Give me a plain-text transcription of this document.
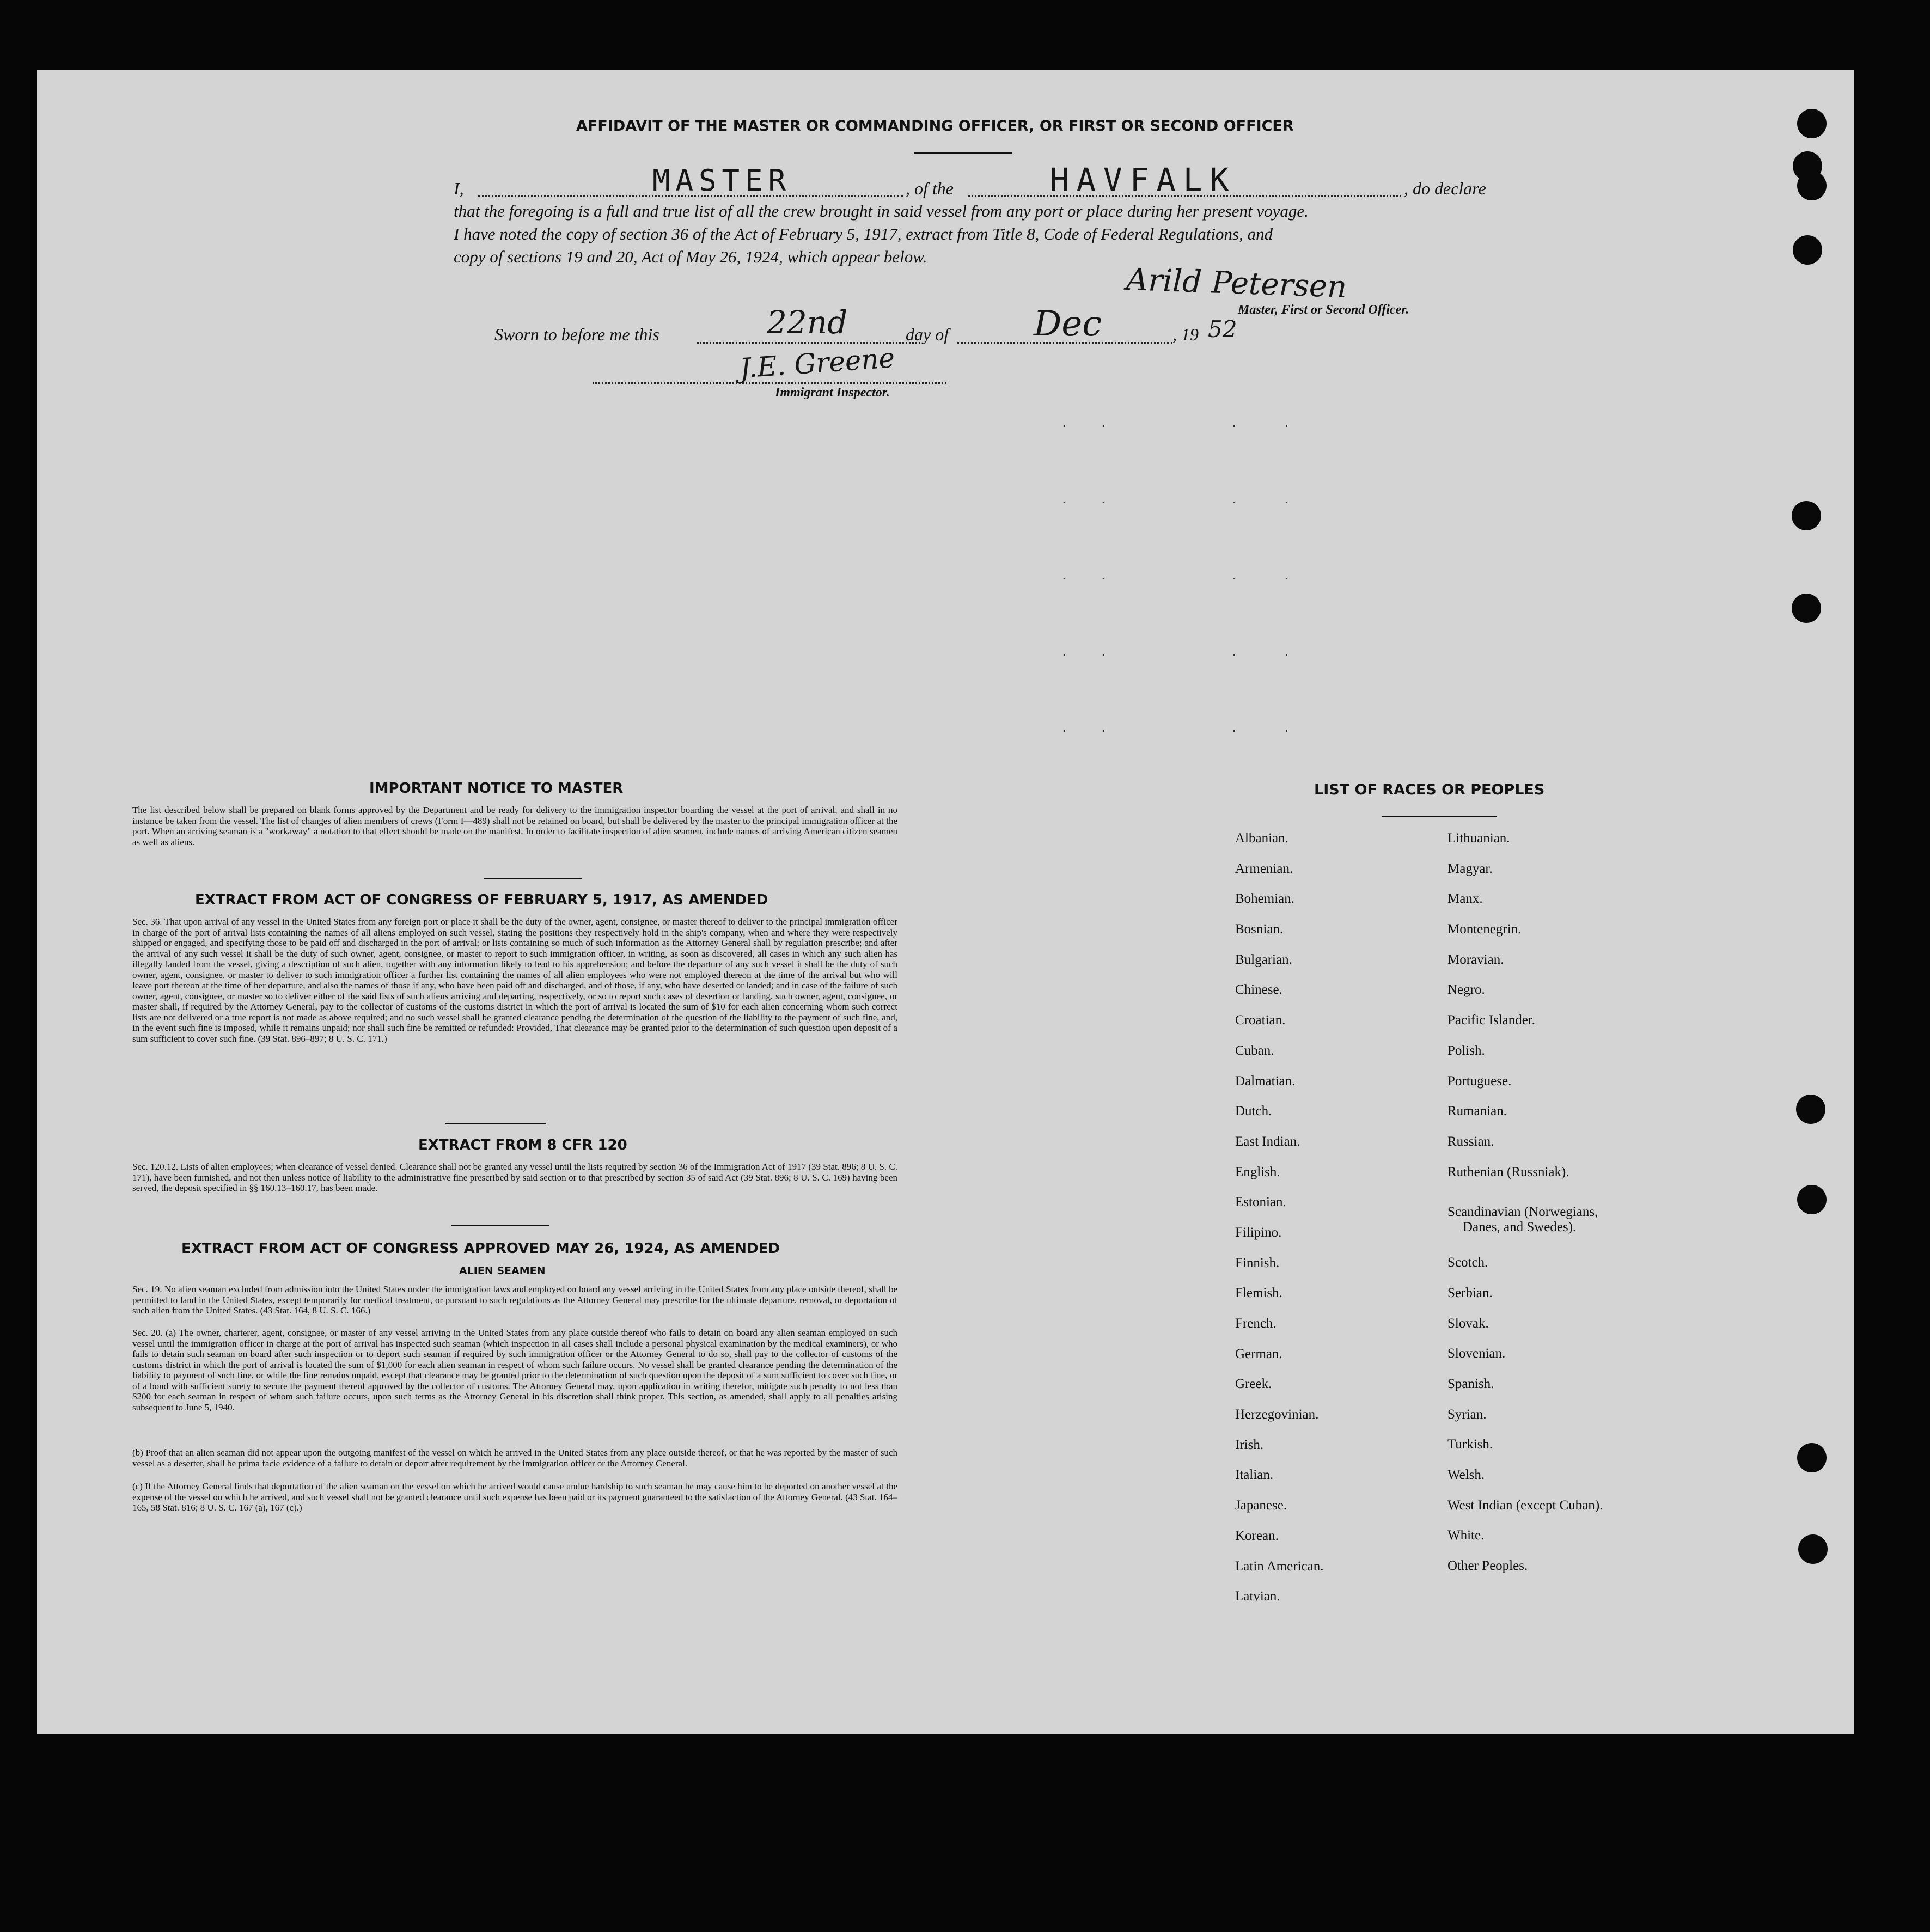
.     .                   .       .
.     .                   .       .
.     .                   .       .
.     .                   .       .
.     .                   .       .
AFFIDAVIT OF THE MASTER OR COMMANDING OFFICER, OR FIRST OR SECOND OFFICER
I,	MASTER	, of the	HAVFALK	, do declare
that the foregoing is a full and true list of all the crew brought in said vessel from any port or place during her present voyage.
I have noted the copy of section 36 of the Act of February 5, 1917, extract from Title 8, Code of Federal Regulations, and
copy of sections 19 and 20, Act of May 26, 1924, which appear below.
Arild Petersen
Master, First or Second Officer.
Sworn to before me this	22nd	day of Dec	, 19 52
J.E. Greene
Immigrant Inspector.
IMPORTANT NOTICE TO MASTER
The list described below shall be prepared on blank forms approved by the Department and be ready for delivery to the immigration inspector boarding the vessel at the port of arrival, and shall in no instance be taken from the vessel. The list of changes of alien members of crews (Form I—489) shall not be retained on board, but shall be delivered by the master to the principal immigration officer at the port. When an arriving seaman is a "workaway" a notation to that effect should be made on the manifest. In order to facilitate inspection of alien seamen, include names of arriving American citizen seamen as well as aliens.
EXTRACT FROM ACT OF CONGRESS OF FEBRUARY 5, 1917, AS AMENDED
Sec. 36. That upon arrival of any vessel in the United States from any foreign port or place it shall be the duty of the owner, agent, consignee, or master thereof to deliver to the principal immigration officer in charge of the port of arrival lists containing the names of all aliens employed on such vessel, stating the positions they respectively hold in the ship's company, when and where they were respectively shipped or engaged, and specifying those to be paid off and discharged in the port of arrival; or lists containing so much of such information as the Attorney General shall by regulation prescribe; and after the arrival of any such vessel it shall be the duty of such owner, agent, consignee, or master to report to such immigration officer, in writing, as soon as discovered, all cases in which any such alien has illegally landed from the vessel, giving a description of such alien, together with any information likely to lead to his apprehension; and before the departure of any such vessel it shall be the duty of such owner, agent, consignee, or master to deliver to such immigration officer a further list containing the names of all alien employees who were not employed thereon at the time of the arrival but who will leave port thereon at the time of her departure, and also the names of those if any, who have been paid off and discharged, and of those, if any, who have deserted or landed; and in case of the failure of such owner, agent, consignee, or master so to deliver either of the said lists of such aliens arriving and departing, respectively, or so to report such cases of desertion or landing, such owner, agent, consignee, or master shall, if required by the Attorney General, pay to the collector of customs of the customs district in which the port of arrival is located the sum of $10 for each alien concerning whom such correct lists are not delivered or a true report is not made as above required; and no such vessel shall be granted clearance pending the determination of the question of the liability to the payment of such fine, and, in the event such fine is imposed, while it remains unpaid; nor shall such fine be remitted or refunded: Provided, That clearance may be granted prior to the determination of such question upon deposit of a sum sufficient to cover such fine. (39 Stat. 896–897; 8 U. S. C. 171.)
EXTRACT FROM 8 CFR 120
Sec. 120.12. Lists of alien employees; when clearance of vessel denied. Clearance shall not be granted any vessel until the lists required by section 36 of the Immigration Act of 1917 (39 Stat. 896; 8 U. S. C. 171), have been furnished, and not then unless notice of liability to the administrative fine prescribed by said section or to that prescribed by section 35 of said Act (39 Stat. 896; 8 U. S. C. 169) having been served, the deposit specified in §§ 160.13–160.17, has been made.
EXTRACT FROM ACT OF CONGRESS APPROVED MAY 26, 1924, AS AMENDED
ALIEN SEAMEN
Sec. 19. No alien seaman excluded from admission into the United States under the immigration laws and employed on board any vessel arriving in the United States from any place outside thereof, shall be permitted to land in the United States, except temporarily for medical treatment, or pursuant to such regulations as the Attorney General may prescribe for the ultimate departure, removal, or deportation of such alien from the United States. (43 Stat. 164, 8 U. S. C. 166.)
Sec. 20. (a) The owner, charterer, agent, consignee, or master of any vessel arriving in the United States from any place outside thereof who fails to detain on board any alien seaman employed on such vessel until the immigration officer in charge at the port of arrival has inspected such seaman (which inspection in all cases shall include a personal physical examination by the medical examiners), or who fails to detain such seaman on board after such inspection or to deport such seaman if required by such immigration officer or the Attorney General to do so, shall pay to the collector of customs of the customs district in which the port of arrival is located the sum of $1,000 for each alien seaman in respect of whom such failure occurs. No vessel shall be granted clearance pending the determination of the liability to payment of such fine, or while the fine remains unpaid, except that clearance may be granted prior to the determination of such question upon the deposit of a sum sufficient to cover such fine, or of a bond with sufficient surety to secure the payment thereof approved by the collector of customs. The Attorney General may, upon application in writing therefor, mitigate such penalty to not less than $200 for each seaman in respect of whom such failure occurs, upon such terms as the Attorney General in his discretion shall think proper. This section, as amended, shall apply to all penalties arising subsequent to June 5, 1940.
(b) Proof that an alien seaman did not appear upon the outgoing manifest of the vessel on which he arrived in the United States from any place outside thereof, or that he was reported by the master of such vessel as a deserter, shall be prima facie evidence of a failure to detain or deport after requirement by the immigration officer or the Attorney General.
(c) If the Attorney General finds that deportation of the alien seaman on the vessel on which he arrived would cause undue hardship to such seaman he may cause him to be deported on another vessel at the expense of the vessel on which he arrived, and such vessel shall not be granted clearance until such expense has been paid or its payment guaranteed to the satisfaction of the Attorney General. (43 Stat. 164–165, 58 Stat. 816; 8 U. S. C. 167 (a), 167 (c).)
LIST OF RACES OR PEOPLES
Albanian.
Armenian.
Bohemian.
Bosnian.
Bulgarian.
Chinese.
Croatian.
Cuban.
Dalmatian.
Dutch.
East Indian.
English.
Estonian.
Filipino.
Finnish.
Flemish.
French.
German.
Greek.
Herzegovinian.
Irish.
Italian.
Japanese.
Korean.
Latin American.
Latvian.
Lithuanian.
Magyar.
Manx.
Montenegrin.
Moravian.
Negro.
Pacific Islander.
Polish.
Portuguese.
Rumanian.
Russian.
Ruthenian (Russniak).
Scandinavian (Norwegians,
Danes, and Swedes).
Scotch.
Serbian.
Slovak.
Slovenian.
Spanish.
Syrian.
Turkish.
Welsh.
West Indian (except Cuban).
White.
Other Peoples.
